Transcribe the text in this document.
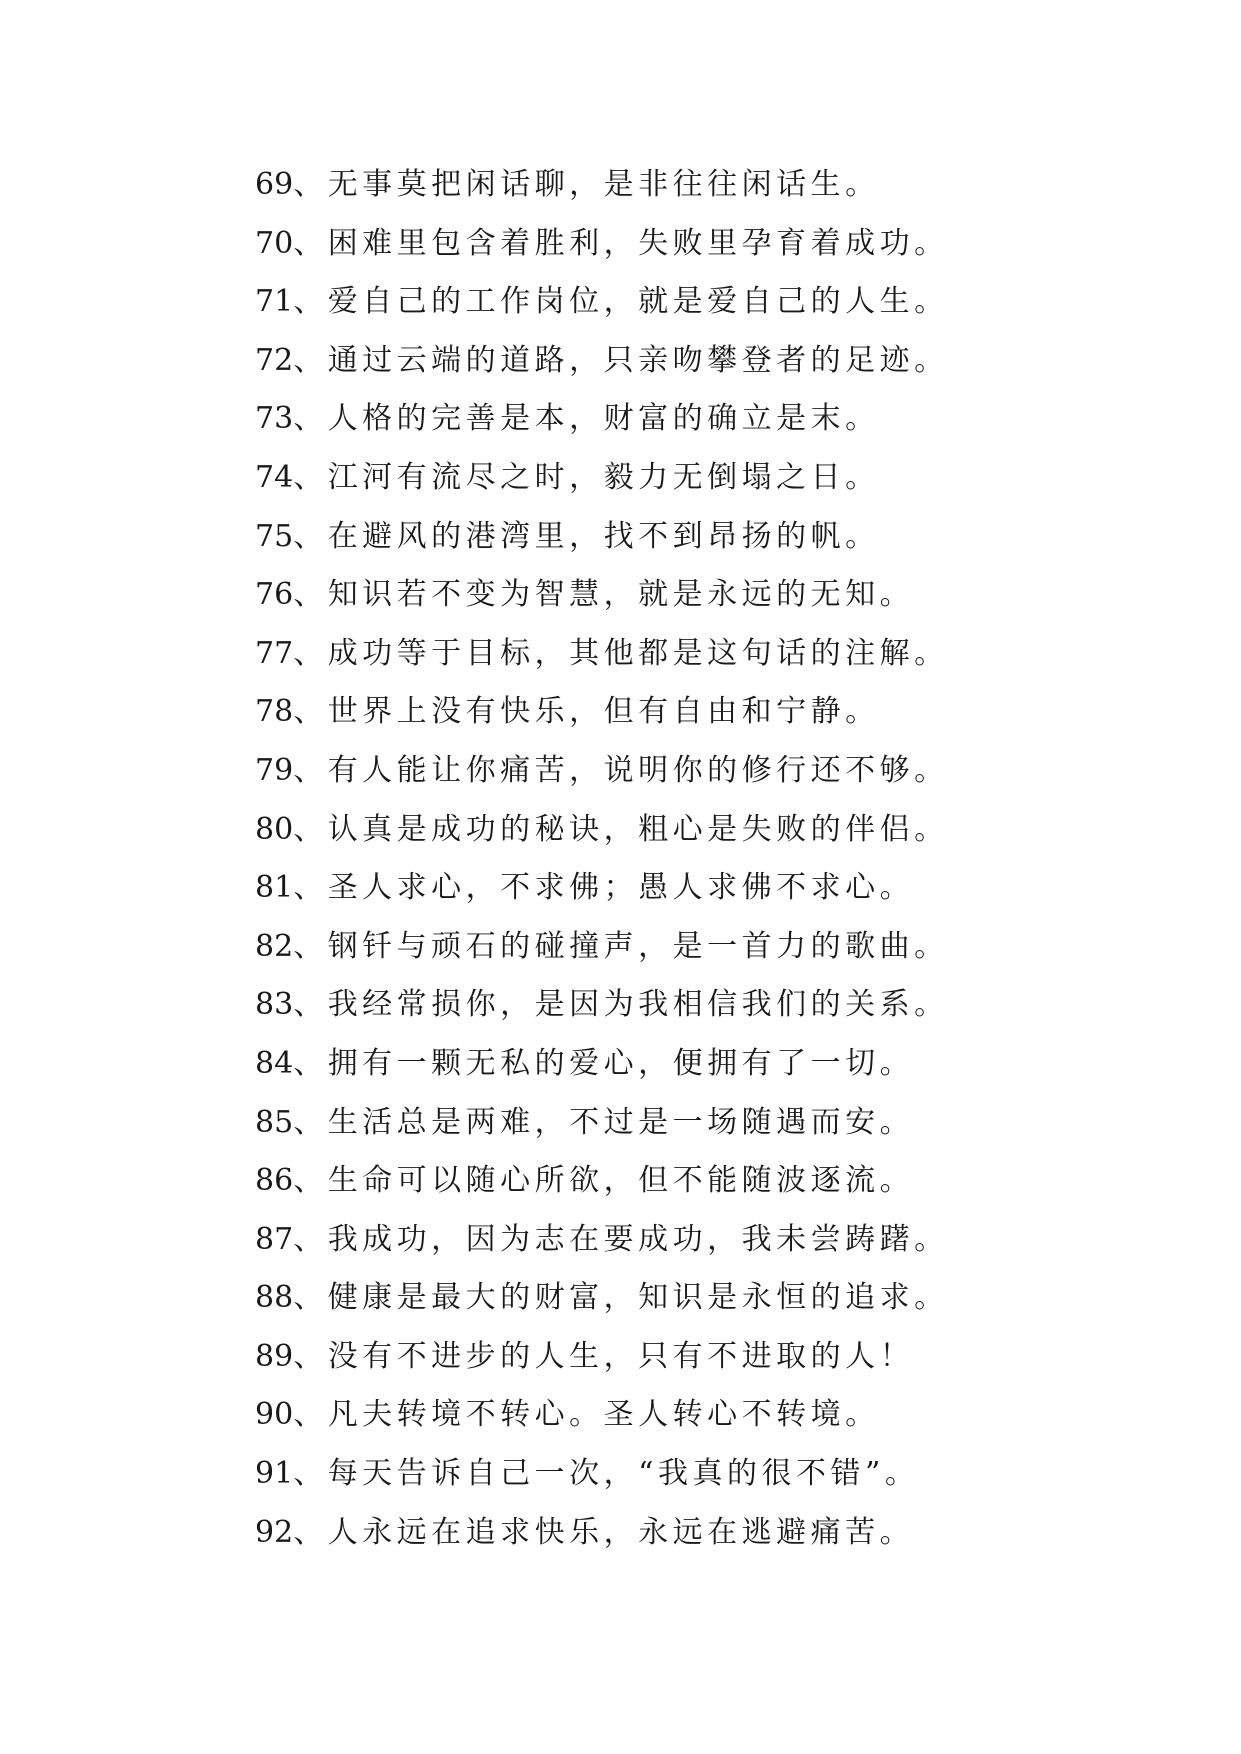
69 、 无事莫把闲话聊，是非往往闲话生。
70 、 困难里包含着胜利，失败里孕育着成功。
71 、 爱自己的工作岗位，就是爱自己的人生。
72 、 通过云端的道路，只亲吻攀登者的足迹。
73 、 人格的完善是本，财富的确立是末。
74 、 江河有流尽之时，毅力无倒塌之日。
75 、 在避风的港湾里，找不到昂扬的帆。
76 、 知识若不变为智慧，就是永远的无知。
77 、 成功等于目标，其他都是这句话的注解。
78 、 世界上没有快乐，但有自由和宁静。
79 、 有人能让你痛苦，说明你的修行还不够。
80 、 认真是成功的秘诀，粗心是失败的伴侣。
81 、 圣人求心，不求佛；愚人求佛不求心。
82 、 钢钎与顽石的碰撞声，是一首力的歌曲。
83 、 我经常损你，是因为我相信我们的关系。
84 、 拥有一颗无私的爱心，便拥有了一切。
85 、 生活总是两难，不过是一场随遇而安。
86 、 生命可以随心所欲，但不能随波逐流。
87 、 我成功，因为志在要成功，我未尝踌躇。
88 、 健康是最大的财富，知识是永恒的追求。
89 、 没有不进步的人生，只有不进取的人！
90 、 凡夫转境不转心。圣人转心不转境。
91 、 每天告诉自己一次，“我真的很不错”。
92 、 人永远在追求快乐，永远在逃避痛苦。
